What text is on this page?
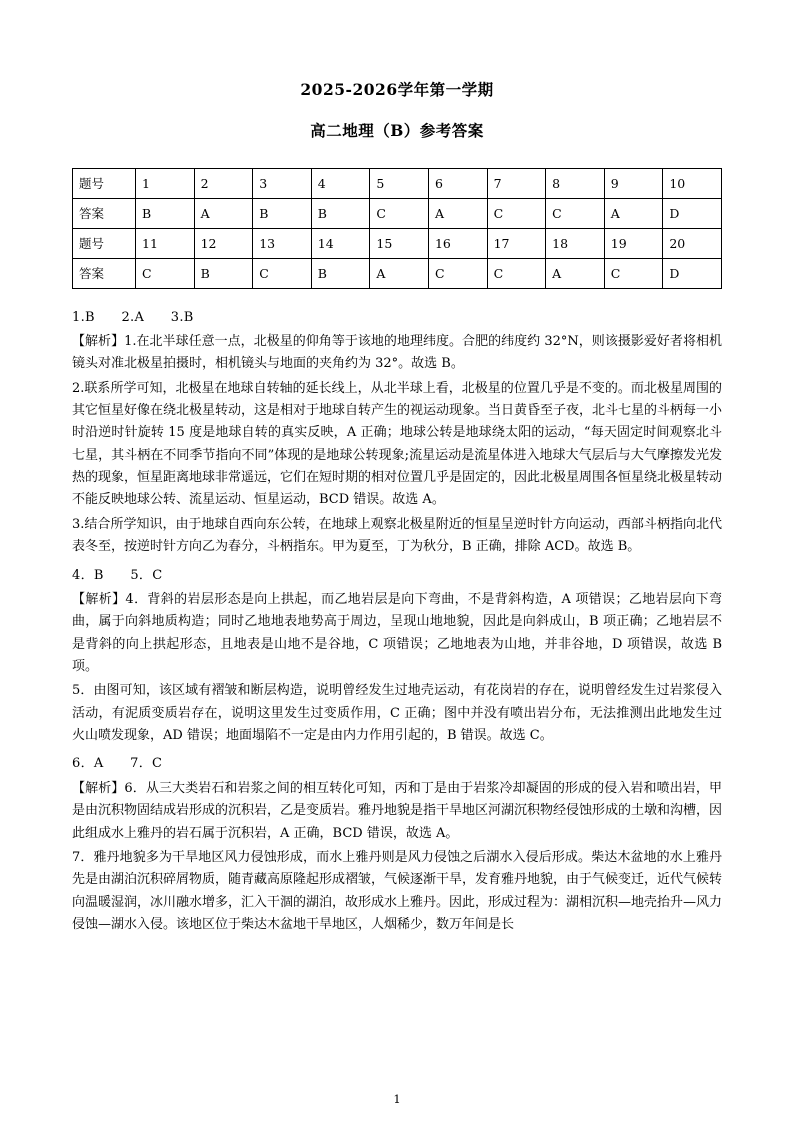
2025-2026学年第一学期
高二地理（B）参考答案
题号	1	2	3	4	5	6	7	8	9	10
答案	B	A	B	B	C	A	C	C	A	D
题号	11	12	13	14	15	16	17	18	19	20
答案	C	B	C	B	A	C	C	A	C	D

1.B　　2.A　　3.B

【解析】1.在北半球任意一点，北极星的仰角等于该地的地理纬度。合肥的纬度约 32°N，则该摄影爱好者将相机镜头对准北极星拍摄时，相机镜头与地面的夹角约为 32°。故选 B。

2.联系所学可知，北极星在地球自转轴的延长线上，从北半球上看，北极星的位置几乎是不变的。而北极星周围的其它恒星好像在绕北极星转动，这是相对于地球自转产生的视运动现象。当日黄昏至子夜，北斗七星的斗柄每一小时沿逆时针旋转 15 度是地球自转的真实反映，A 正确；地球公转是地球绕太阳的运动，“每天固定时间观察北斗七星，其斗柄在不同季节指向不同”体现的是地球公转现象;流星运动是流星体进入地球大气层后与大气摩擦发光发热的现象，恒星距离地球非常遥远，它们在短时期的相对位置几乎是固定的，因此北极星周围各恒星绕北极星转动不能反映地球公转、流星运动、恒星运动，BCD 错误。故选 A。

3.结合所学知识，由于地球自西向东公转，在地球上观察北极星附近的恒星呈逆时针方向运动，西部斗柄指向北代表冬至，按逆时针方向乙为春分，斗柄指东。甲为夏至，丁为秋分，B 正确，排除 ACD。故选 B。

4．B　　5．C

【解析】4．背斜的岩层形态是向上拱起，而乙地岩层是向下弯曲，不是背斜构造，A 项错误；乙地岩层向下弯曲，属于向斜地质构造；同时乙地地表地势高于周边，呈现山地地貌，因此是向斜成山，B 项正确；乙地岩层不是背斜的向上拱起形态，且地表是山地不是谷地，C 项错误；乙地地表为山地，并非谷地，D 项错误，故选 B 项。

5．由图可知，该区域有褶皱和断层构造，说明曾经发生过地壳运动，有花岗岩的存在，说明曾经发生过岩浆侵入活动，有泥质变质岩存在，说明这里发生过变质作用，C 正确；图中并没有喷出岩分布，无法推测出此地发生过火山喷发现象，AD 错误；地面塌陷不一定是由内力作用引起的，B 错误。故选 C。

6．A　　7．C

【解析】6．从三大类岩石和岩浆之间的相互转化可知，丙和丁是由于岩浆冷却凝固的形成的侵入岩和喷出岩，甲是由沉积物固结成岩形成的沉积岩，乙是变质岩。雅丹地貌是指干旱地区河湖沉积物经侵蚀形成的土墩和沟槽，因此组成水上雅丹的岩石属于沉积岩，A 正确，BCD 错误，故选 A。

7．雅丹地貌多为干旱地区风力侵蚀形成，而水上雅丹则是风力侵蚀之后湖水入侵后形成。柴达木盆地的水上雅丹先是由湖泊沉积碎屑物质，随青藏高原隆起形成褶皱，气候逐渐干旱，发育雅丹地貌，由于气候变迁，近代气候转向温暖湿润，冰川融水增多，汇入干涸的湖泊，故形成水上雅丹。因此，形成过程为：湖相沉积—地壳抬升—风力侵蚀—湖水入侵。该地区位于柴达木盆地干旱地区，人烟稀少，数万年间是长

1
